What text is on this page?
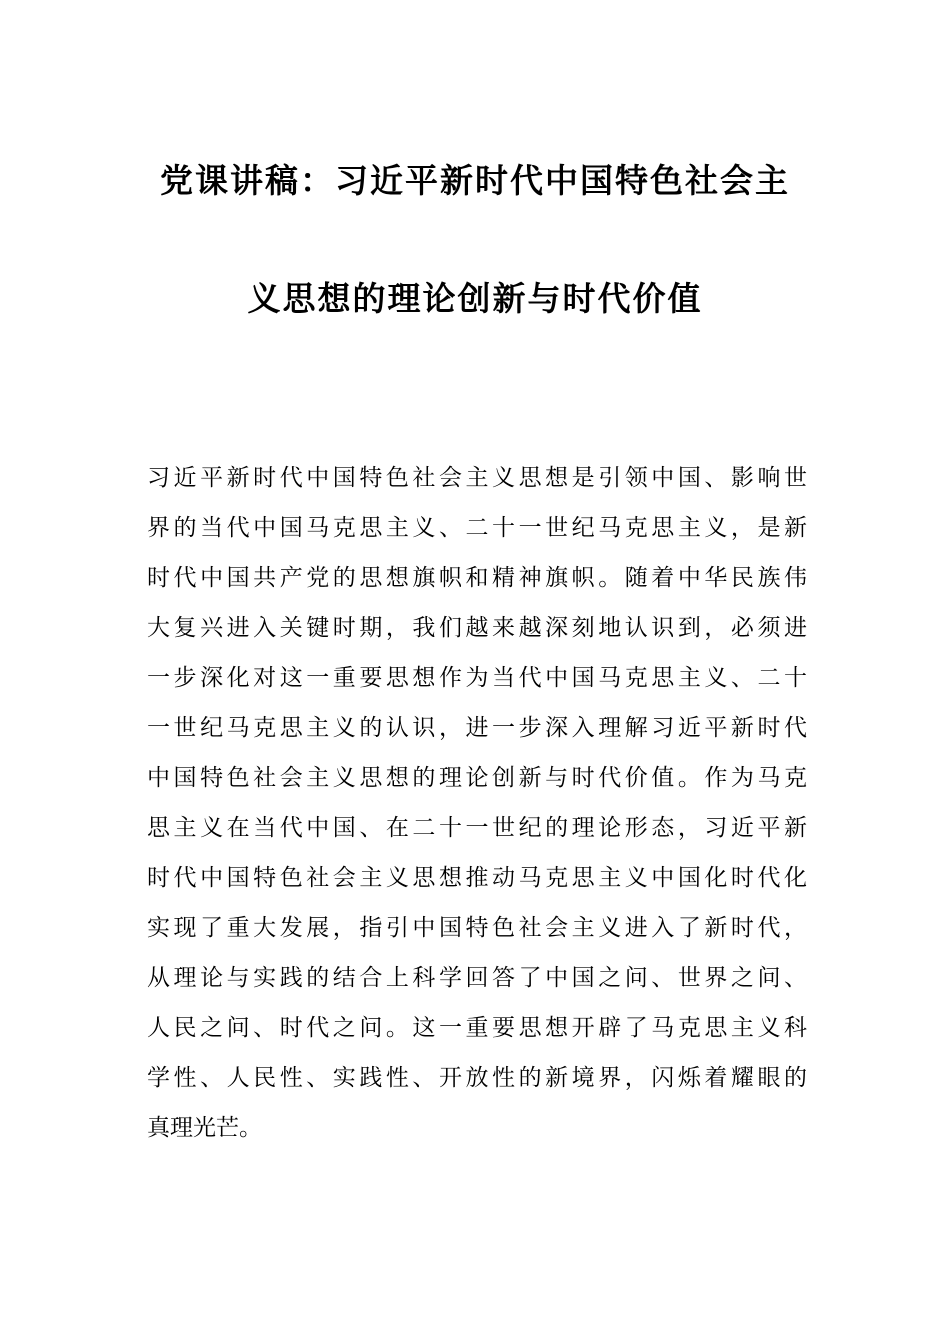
党课讲稿：习近平新时代中国特色社会主
义思想的理论创新与时代价值
习近平新时代中国特色社会主义思想是引领中国、影响世
界的当代中国马克思主义、二十一世纪马克思主义，是新
时代中国共产党的思想旗帜和精神旗帜。随着中华民族伟
大复兴进入关键时期，我们越来越深刻地认识到，必须进
一步深化对这一重要思想作为当代中国马克思主义、二十
一世纪马克思主义的认识，进一步深入理解习近平新时代
中国特色社会主义思想的理论创新与时代价值。作为马克
思主义在当代中国、在二十一世纪的理论形态，习近平新
时代中国特色社会主义思想推动马克思主义中国化时代化
实现了重大发展，指引中国特色社会主义进入了新时代，
从理论与实践的结合上科学回答了中国之问、世界之问、
人民之问、时代之问。这一重要思想开辟了马克思主义科
学性、人民性、实践性、开放性的新境界，闪烁着耀眼的
真理光芒。
